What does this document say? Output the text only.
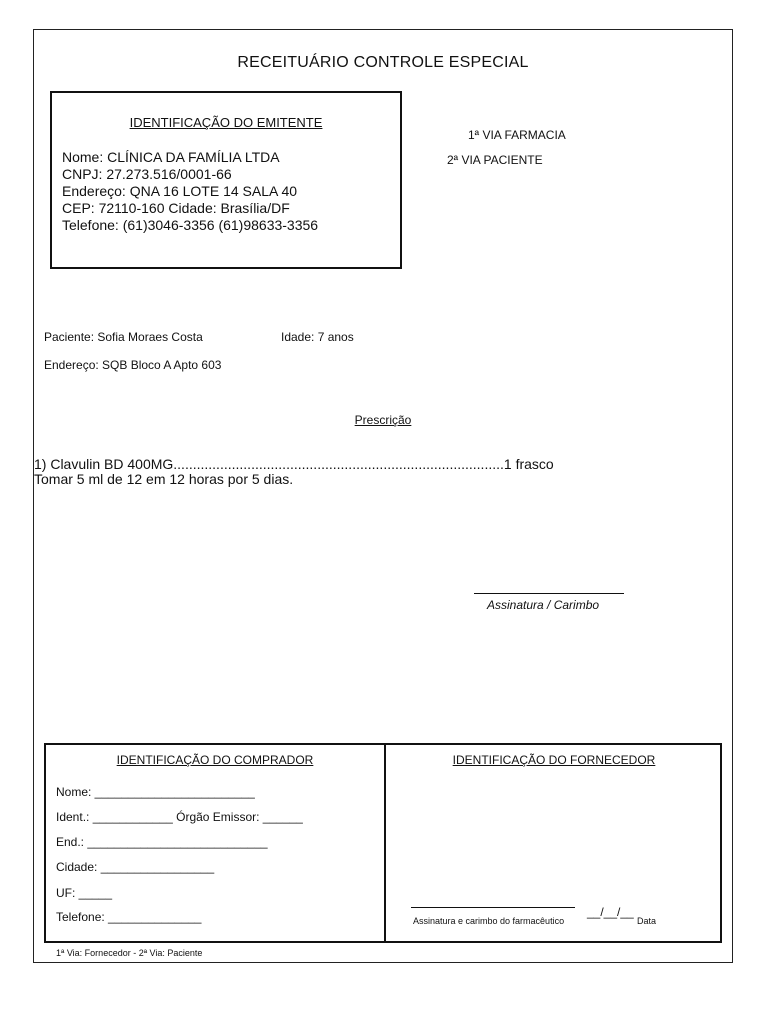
RECEITUÁRIO CONTROLE ESPECIAL
IDENTIFICAÇÃO DO EMITENTE
Nome: CLÍNICA DA FAMÍLIA LTDA
CNPJ: 27.273.516/0001-66
Endereço: QNA 16 LOTE 14 SALA 40
CEP: 72110-160 Cidade: Brasília/DF
Telefone: (61)3046-3356 (61)98633-3356
1ª VIA FARMACIA
2ª VIA PACIENTE
Paciente: Sofia Moraes Costa	Idade: 7 anos
Endereço: SQB Bloco A Apto 603
Prescrição
1) Clavulin BD 400MG.....................................................................................1 frasco
Tomar 5 ml de 12 em 12 horas por 5 dias.
Assinatura / Carimbo
IDENTIFICAÇÃO DO COMPRADOR
Nome: ________________________
Ident.: ____________ Órgão Emissor: ______
End.: ___________________________
Cidade: _________________
UF: _____
Telefone: ______________
IDENTIFICAÇÃO DO FORNECEDOR
__/__/__
Assinatura e carimbo do farmacêutico	Data
1ª Via: Fornecedor - 2ª Via: Paciente
